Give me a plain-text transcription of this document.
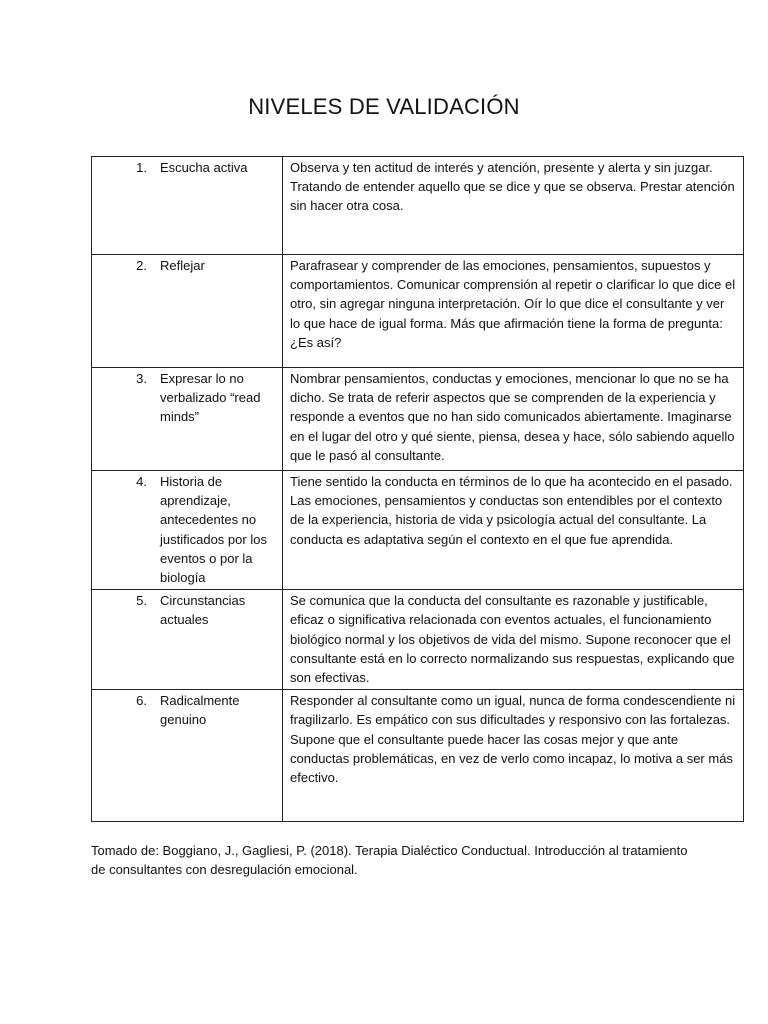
NIVELES DE VALIDACIÓN
1. Escucha activa	Observa y ten actitud de interés y atención, presente y alerta y sin juzgar. Tratando de entender aquello que se dice y que se observa. Prestar atención sin hacer otra cosa.

2. Reflejar	Parafrasear y comprender de las emociones, pensamientos, supuestos y comportamientos. Comunicar comprensión al repetir o clarificar lo que dice el otro, sin agregar ninguna interpretación. Oír lo que dice el consultante y ver lo que hace de igual forma. Más que afirmación tiene la forma de pregunta: ¿Es así?

3. Expresar lo no verbalizado “read minds”	Nombrar pensamientos, conductas y emociones, mencionar lo que no se ha dicho. Se trata de referir aspectos que se comprenden de la experiencia y responde a eventos que no han sido comunicados abiertamente. Imaginarse en el lugar del otro y qué siente, piensa, desea y hace, sólo sabiendo aquello que le pasó al consultante.

4. Historia de aprendizaje, antecedentes no justificados por los eventos o por la biología	Tiene sentido la conducta en términos de lo que ha acontecido en el pasado. Las emociones, pensamientos y conductas son entendibles por el contexto de la experiencia, historia de vida y psicología actual del consultante. La conducta es adaptativa según el contexto en el que fue aprendida.

5. Circunstancias actuales	Se comunica que la conducta del consultante es razonable y justificable, eficaz o significativa relacionada con eventos actuales, el funcionamiento biológico normal y los objetivos de vida del mismo. Supone reconocer que el consultante está en lo correcto normalizando sus respuestas, explicando que son efectivas.

6. Radicalmente genuino	Responder al consultante como un igual, nunca de forma condescendiente ni fragilizarlo. Es empático con sus dificultades y responsivo con las fortalezas. Supone que el consultante puede hacer las cosas mejor y que ante conductas problemáticas, en vez de verlo como incapaz, lo motiva a ser más efectivo.
Tomado de: Boggiano, J., Gagliesi, P. (2018). Terapia Dialéctico Conductual. Introducción al tratamiento de consultantes con desregulación emocional.
